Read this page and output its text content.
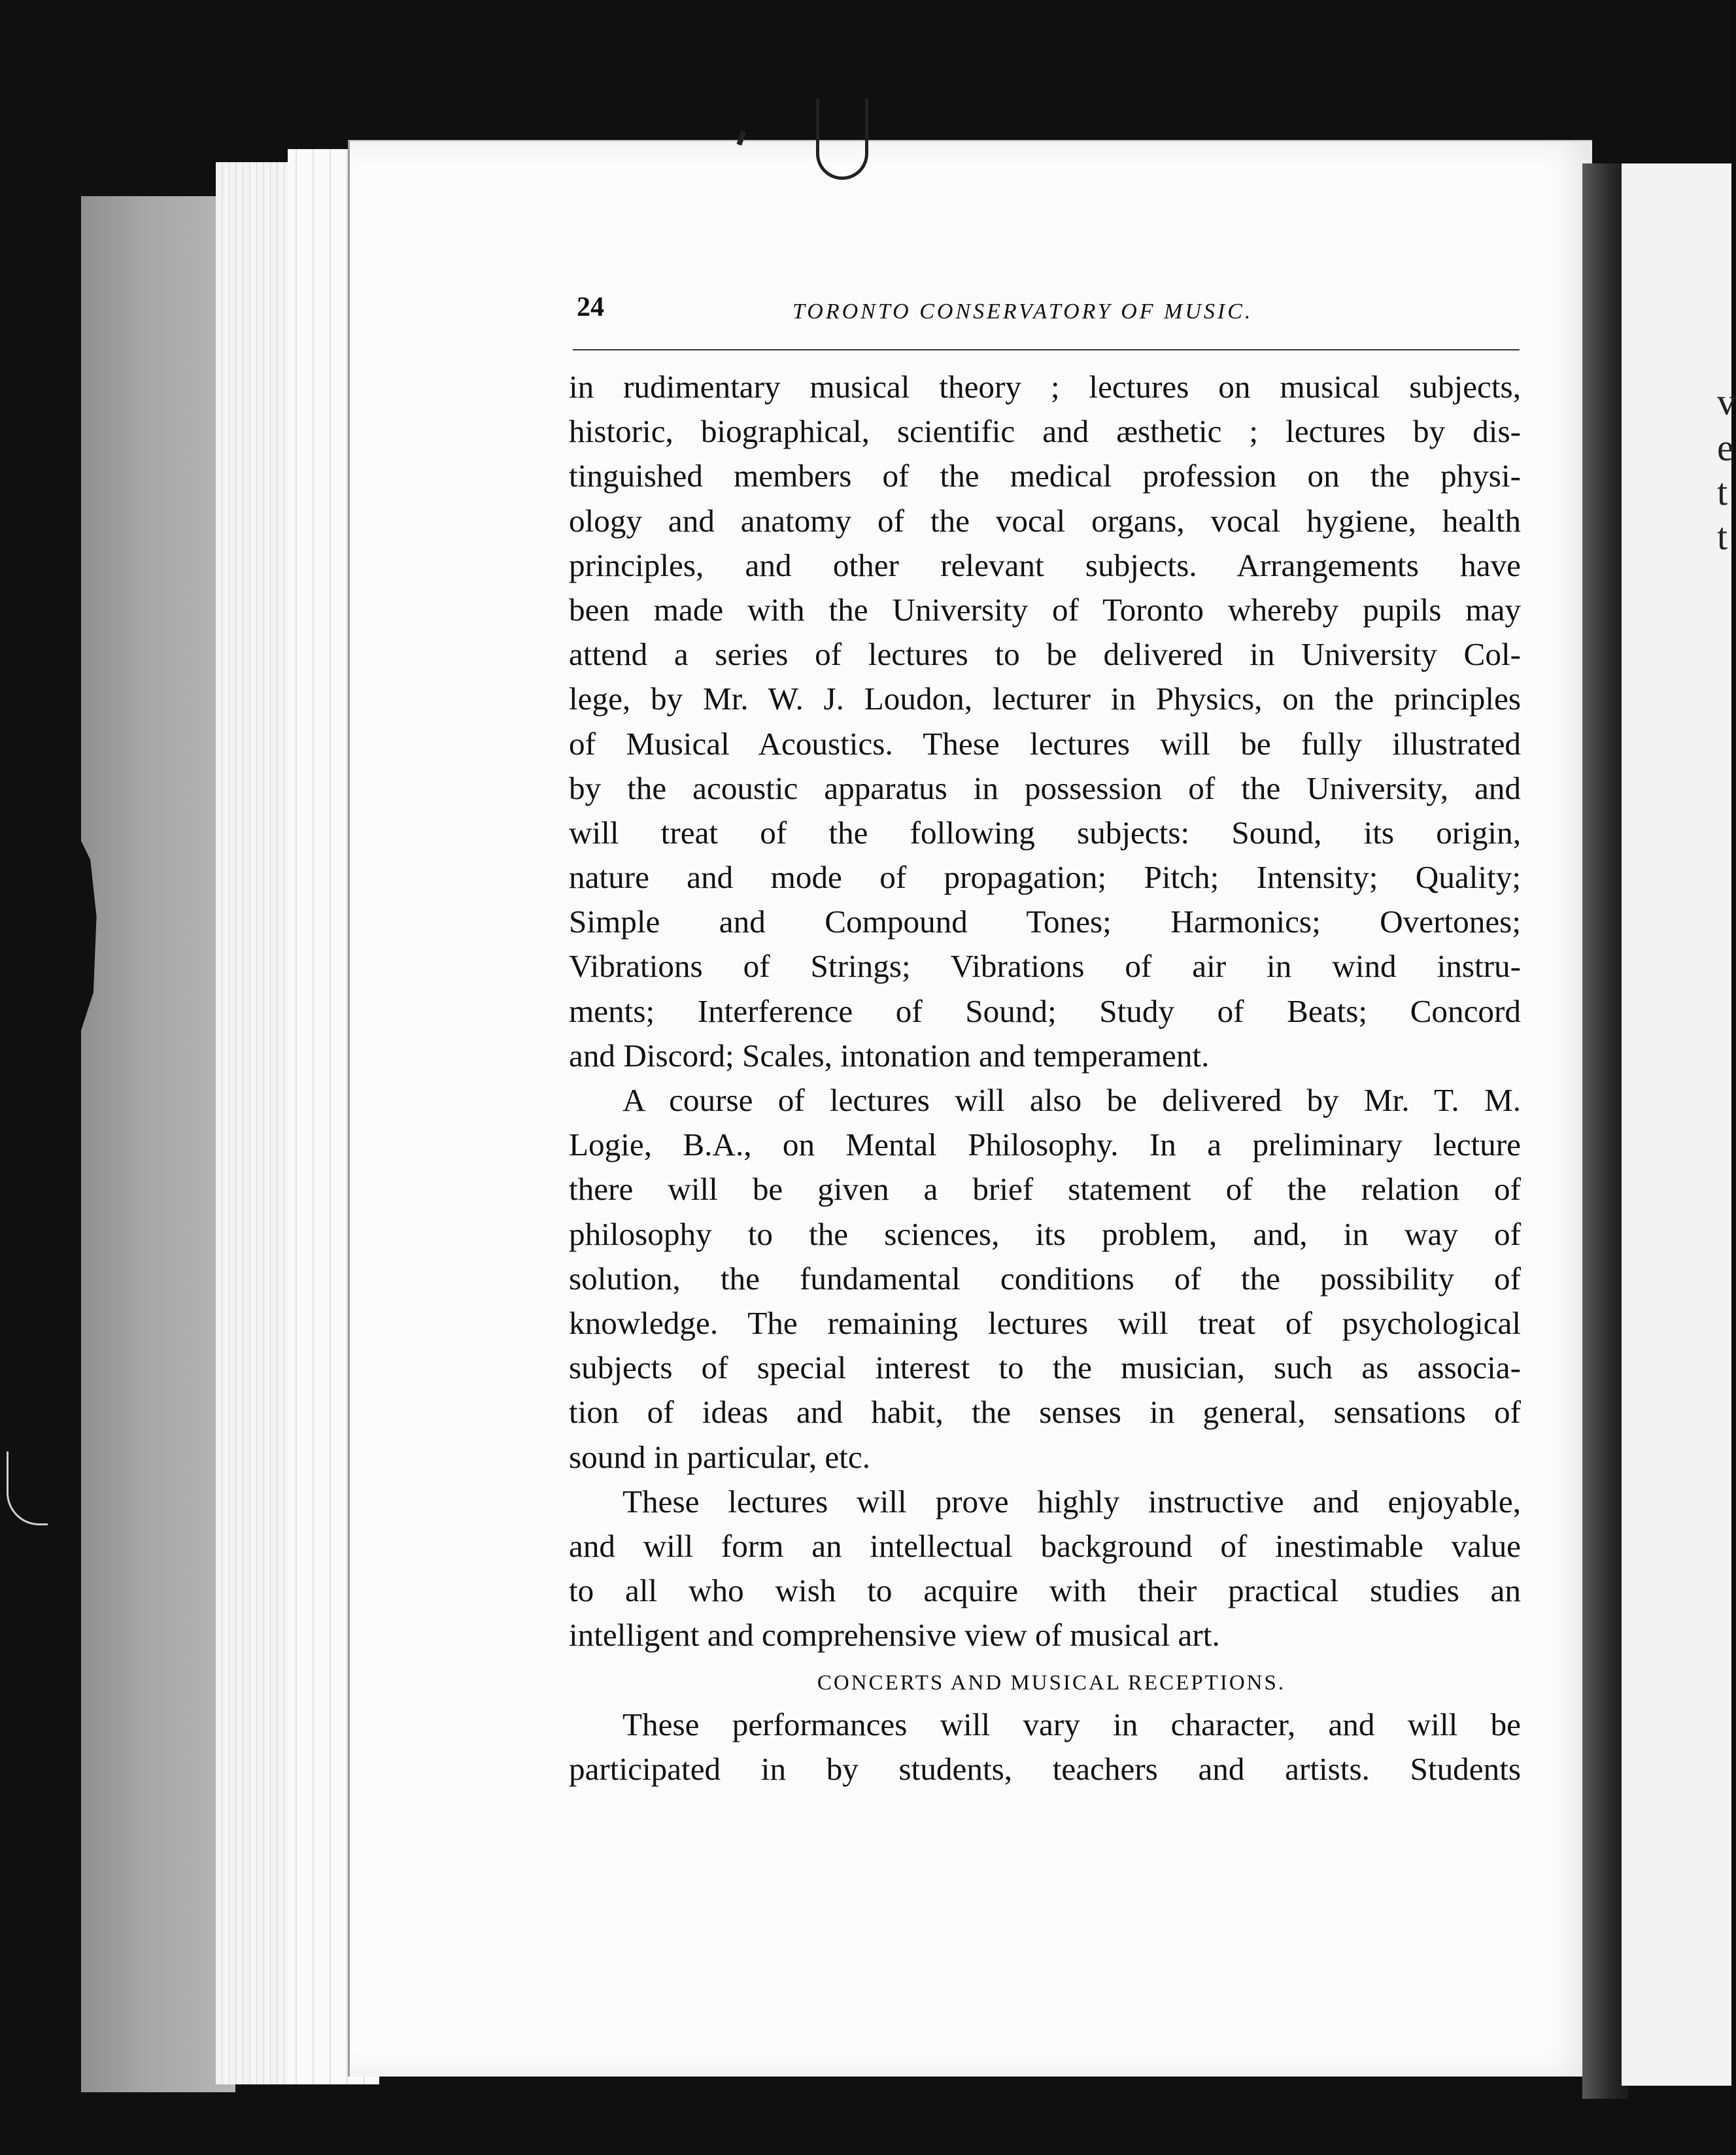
v
e
t
t
24	TORONTO CONSERVATORY OF MUSIC.
in rudimentary musical theory ; lectures on musical subjects,
historic, biographical, scientific and æsthetic ; lectures by dis-
tinguished members of the medical profession on the physi-
ology and anatomy of the vocal organs, vocal hygiene, health
principles, and other relevant subjects. Arrangements have
been made with the University of Toronto whereby pupils may
attend a series of lectures to be delivered in University Col-
lege, by Mr. W. J. Loudon, lecturer in Physics, on the principles
of Musical Acoustics. These lectures will be fully illustrated
by the acoustic apparatus in possession of the University, and
will treat of the following subjects: Sound, its origin,
nature and mode of propagation; Pitch; Intensity; Quality;
Simple and Compound Tones; Harmonics; Overtones;
Vibrations of Strings; Vibrations of air in wind instru-
ments; Interference of Sound; Study of Beats; Concord
and Discord; Scales, intonation and temperament.
A course of lectures will also be delivered by Mr. T. M.
Logie, B.A., on Mental Philosophy. In a preliminary lecture
there will be given a brief statement of the relation of
philosophy to the sciences, its problem, and, in way of
solution, the fundamental conditions of the possibility of
knowledge. The remaining lectures will treat of psychological
subjects of special interest to the musician, such as associa-
tion of ideas and habit, the senses in general, sensations of
sound in particular, etc.
These lectures will prove highly instructive and enjoyable,
and will form an intellectual background of inestimable value
to all who wish to acquire with their practical studies an
intelligent and comprehensive view of musical art.
CONCERTS AND MUSICAL RECEPTIONS.
These performances will vary in character, and will be
participated in by students, teachers and artists. Students
